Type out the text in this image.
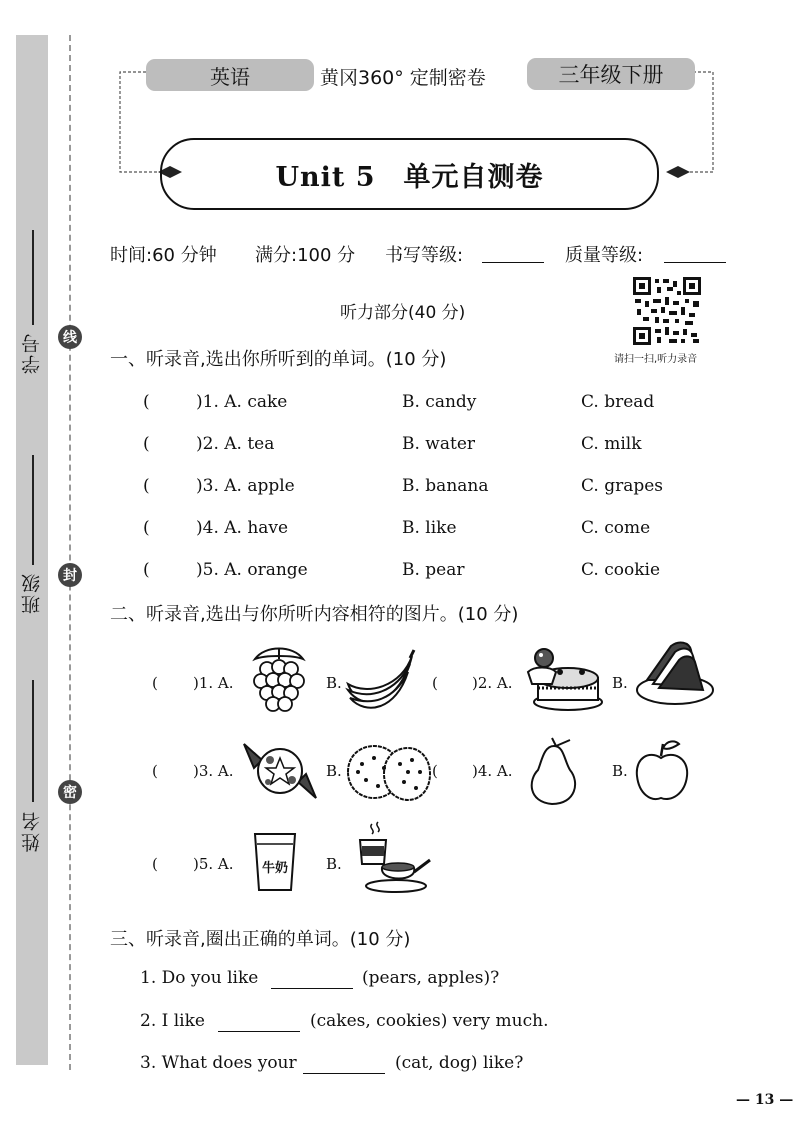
学号
班级
姓名
线
封
密
英语	黄冈360° 定制密卷	三年级下册
Unit 5　单元自测卷
时间:60 分钟 满分:100 分 书写等级:	质量等级:
听力部分(40 分)
请扫一扫,听力录音
一、听录音,选出你所听到的单词。(10 分)
(	)1. A. cake	B. candy	C. bread
(	)2. A. tea	B. water	C. milk
(	)3. A. apple	B. banana	C. grapes
(	)4. A. have	B. like	C. come
(	)5. A. orange	B. pear	C. cookie
二、听录音,选出与你所听内容相符的图片。(10 分)
( )1. A.	B.	( )2. A.	B.
( )3. A.	B.	( )4. A.	B.
( )5. A. 牛奶	B.
三、听录音,圈出正确的单词。(10 分)
1. Do you like	(pears, apples)?
2. I like	(cakes, cookies) very much.
3. What does your	(cat, dog) like?
— 13 —
